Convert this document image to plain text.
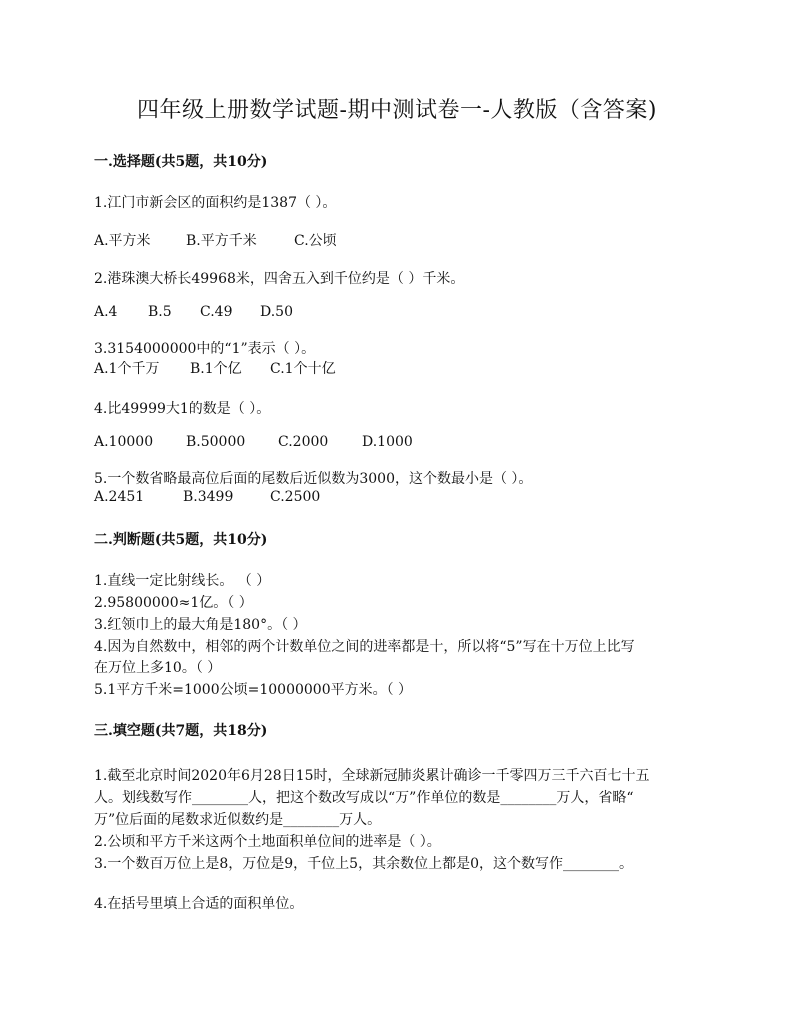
四年级上册数学试题-期中测试卷一-人教版（含答案)
一.选择题(共5题，共10分)
1.江门市新会区的面积约是1387（ ）。
A.平方米	B.平方千米	C.公顷
2.港珠澳大桥长49968米，四舍五入到千位约是（ ）千米。
A.4 B.5 C.49 D.50
3.3154000000中的“1”表示（ ）。
A.1个千万 B.1个亿 C.1个十亿
4.比49999大1的数是（ ）。
A.10000 B.50000 C.2000 D.1000
5.一个数省略最高位后面的尾数后近似数为3000，这个数最小是（ ）。
A.2451	B.3499	C.2500
二.判断题(共5题，共10分)
1.直线一定比射线长。 （ ）
2.95800000≈1亿。（ ）
3.红领巾上的最大角是180°。（ ）
4.因为自然数中，相邻的两个计数单位之间的进率都是十，所以将“5”写在十万位上比写
在万位上多10。（ ）
5.1平方千米=1000公顷=10000000平方米。（ ）
三.填空题(共7题，共18分)
1.截至北京时间2020年6月28日15时，全球新冠肺炎累计确诊一千零四万三千六百七十五
人。划线数写作________人，把这个数改写成以“万”作单位的数是________万人，省略“
万”位后面的尾数求近似数约是________万人。
2.公顷和平方千米这两个土地面积单位间的进率是（ ）。
3.一个数百万位上是8，万位是9，千位上5，其余数位上都是0，这个数写作________。
4.在括号里填上合适的面积单位。
